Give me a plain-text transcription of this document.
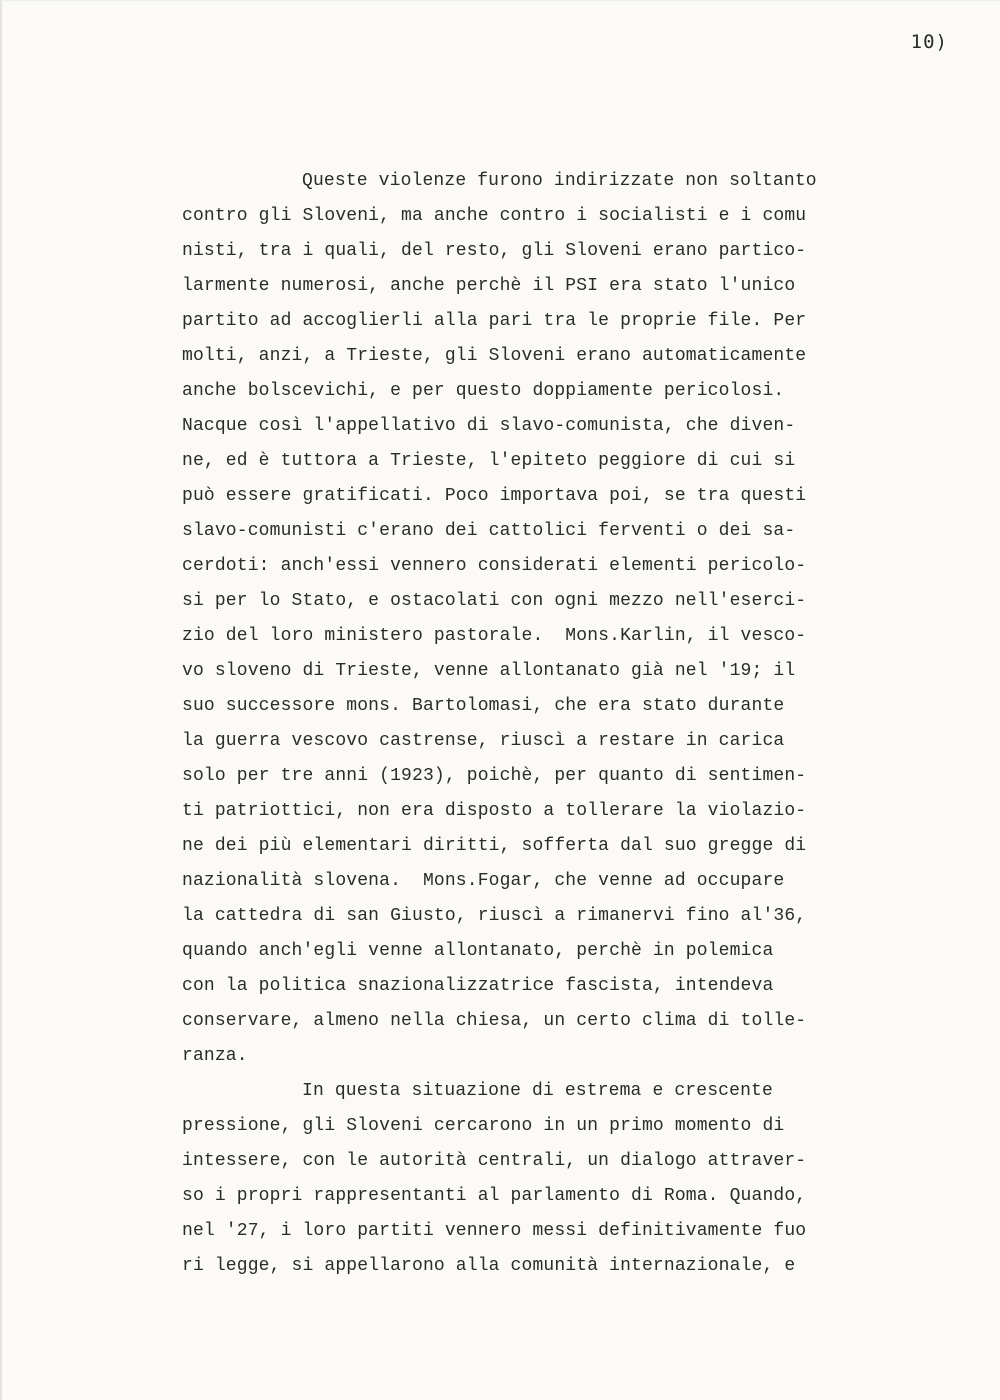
10)
Queste violenze furono indirizzate non soltanto
contro gli Sloveni, ma anche contro i socialisti e i comu
nisti, tra i quali, del resto, gli Sloveni erano partico-
larmente numerosi, anche perchè il PSI era stato l'unico
partito ad accoglierli alla pari tra le proprie file. Per
molti, anzi, a Trieste, gli Sloveni erano automaticamente
anche bolscevichi, e per questo doppiamente pericolosi.
Nacque così l'appellativo di slavo-comunista, che diven-
ne, ed è tuttora a Trieste, l'epiteto peggiore di cui si
può essere gratificati. Poco importava poi, se tra questi
slavo-comunisti c'erano dei cattolici ferventi o dei sa-
cerdoti: anch'essi vennero considerati elementi pericolo-
si per lo Stato, e ostacolati con ogni mezzo nell'eserci-
zio del loro ministero pastorale.  Mons.Karlin, il vesco-
vo sloveno di Trieste, venne allontanato già nel '19; il
suo successore mons. Bartolomasi, che era stato durante
la guerra vescovo castrense, riuscì a restare in carica
solo per tre anni (1923), poichè, per quanto di sentimen-
ti patriottici, non era disposto a tollerare la violazio-
ne dei più elementari diritti, sofferta dal suo gregge di
nazionalità slovena.  Mons.Fogar, che venne ad occupare
la cattedra di san Giusto, riuscì a rimanervi fino al'36,
quando anch'egli venne allontanato, perchè in polemica
con la politica snazionalizzatrice fascista, intendeva
conservare, almeno nella chiesa, un certo clima di tolle-
ranza.
In questa situazione di estrema e crescente
pressione, gli Sloveni cercarono in un primo momento di
intessere, con le autorità centrali, un dialogo attraver-
so i propri rappresentanti al parlamento di Roma. Quando,
nel '27, i loro partiti vennero messi definitivamente fuo
ri legge, si appellarono alla comunità internazionale, e
